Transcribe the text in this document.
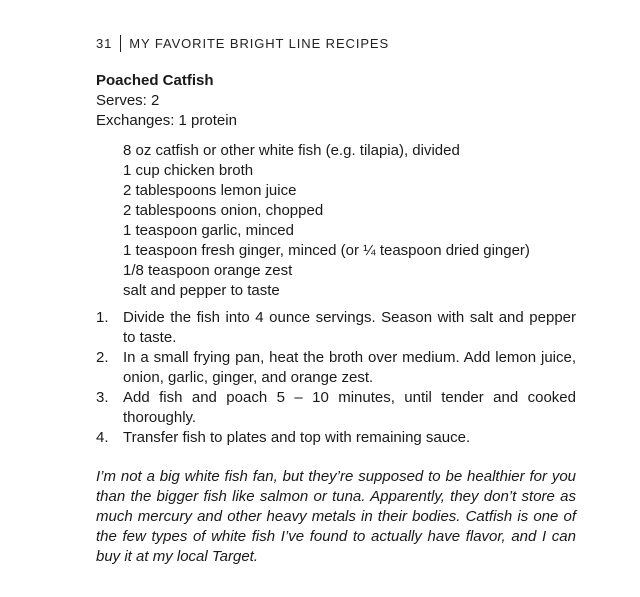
31 MY FAVORITE BRIGHT LINE RECIPES
Poached Catfish
Serves: 2
Exchanges: 1 protein
8 oz catfish or other white fish (e.g. tilapia), divided
1 cup chicken broth
2 tablespoons lemon juice
2 tablespoons onion, chopped
1 teaspoon garlic, minced
1 teaspoon fresh ginger, minced (or ¼ teaspoon dried ginger)
1/8 teaspoon orange zest
salt and pepper to taste
1. Divide the fish into 4 ounce servings. Season with salt and pepper to taste.
2. In a small frying pan, heat the broth over medium. Add lemon juice, onion, garlic, ginger, and orange zest.
3. Add fish and poach 5 – 10 minutes, until tender and cooked thoroughly.
4. Transfer fish to plates and top with remaining sauce.

I’m not a big white fish fan, but they’re supposed to be healthier for you than the bigger fish like salmon or tuna. Apparently, they don’t store as much mercury and other heavy metals in their bodies. Catfish is one of the few types of white fish I’ve found to actually have flavor, and I can buy it at my local Target.
